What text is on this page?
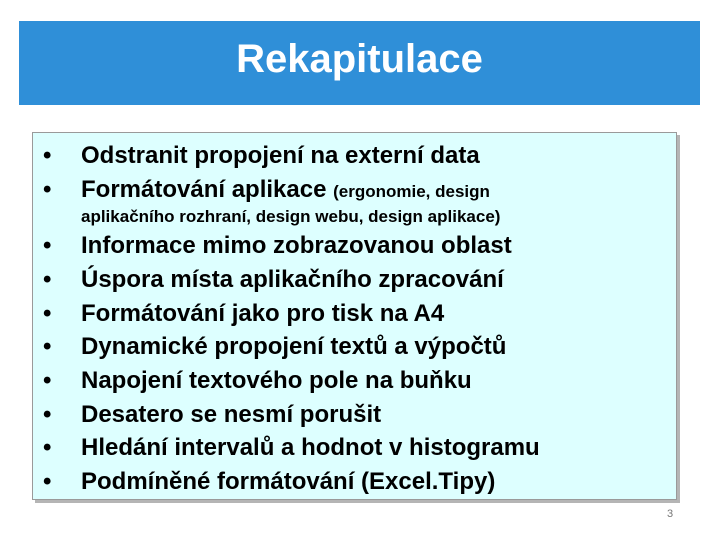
Rekapitulace
•	Odstranit propojení na externí data
•	Formátování aplikace (ergonomie, design
•	Informace mimo zobrazovanou oblast
•	Úspora místa aplikačního zpracování
•	Formátování jako pro tisk na A4
•	Dynamické propojení textů a výpočtů
•	Napojení textového pole na buňku
•	Desatero se nesmí porušit
•	Hledání intervalů a hodnot v histogramu
•	Podmíněné formátování (Excel.Tipy)
aplikačního rozhraní, design webu, design aplikace)
3
